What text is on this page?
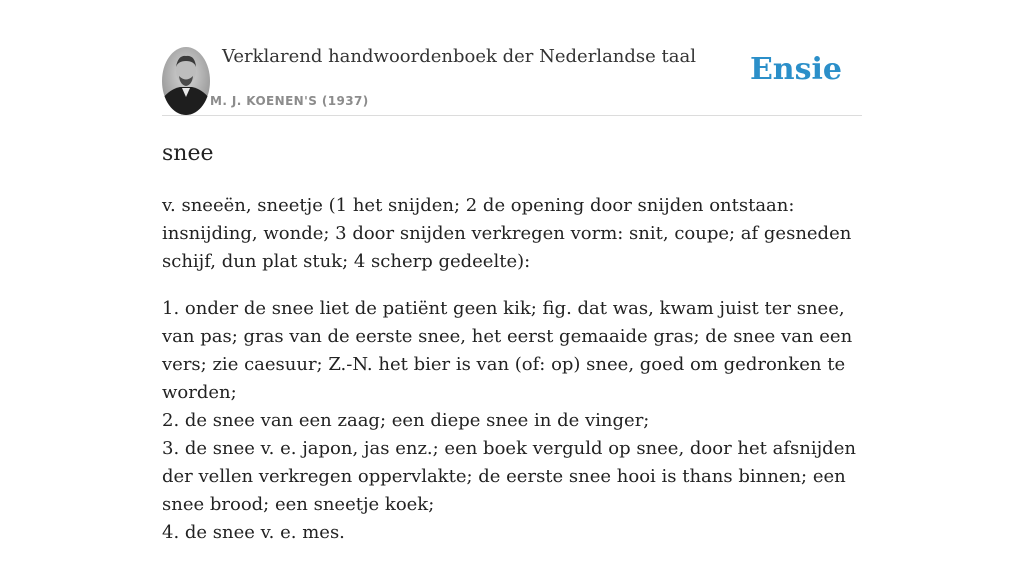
Verklarend handwoordenboek der Nederlandse taal
M. J. KOENEN'S (1937)
Ensie
snee

v. sneeën, sneetje (1 het snijden; 2 de opening door snijden ontstaan: insnijding, wonde; 3 door snijden verkregen vorm: snit, coupe; af gesneden schijf, dun plat stuk; 4 scherp gedeelte):

1. onder de snee liet de patiënt geen kik; fig. dat was, kwam juist ter snee, van pas; gras van de eerste snee, het eerst gemaaide gras; de snee van een vers; zie caesuur; Z.-N. het bier is van (of: op) snee, goed om gedronken te worden;
2. de snee van een zaag; een diepe snee in de vinger;
3. de snee v. e. japon, jas enz.; een boek verguld op snee, door het afsnijden der vellen verkregen oppervlakte; de eerste snee hooi is thans binnen; een snee brood; een sneetje koek;
4. de snee v. e. mes.
